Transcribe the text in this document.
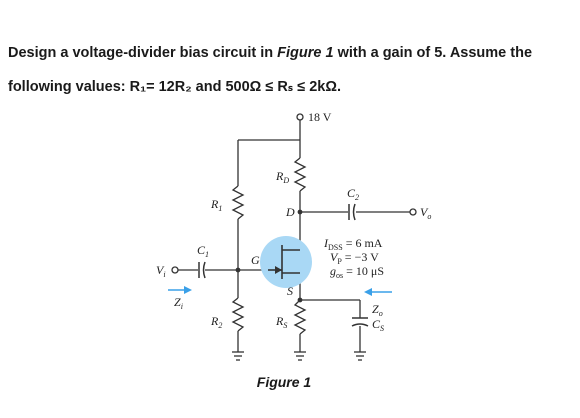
Design a voltage-divider bias circuit in Figure 1 with a gain of 5. Assume the
following values: R₁= 12R₂ and 500Ω ≤ Rₛ ≤ 2kΩ.

18 V
$R_1$
$R_2$
$R_D$
$R_S$
$C_1$
$C_2$
$C_S$
$V_i$
$V_o$
$Z_i$	$Z_o$
D
G
S
$I_{DSS} = 6$ mA
$V_P = -3$ V
$g_{os} = 10$ μS
Figure 1
